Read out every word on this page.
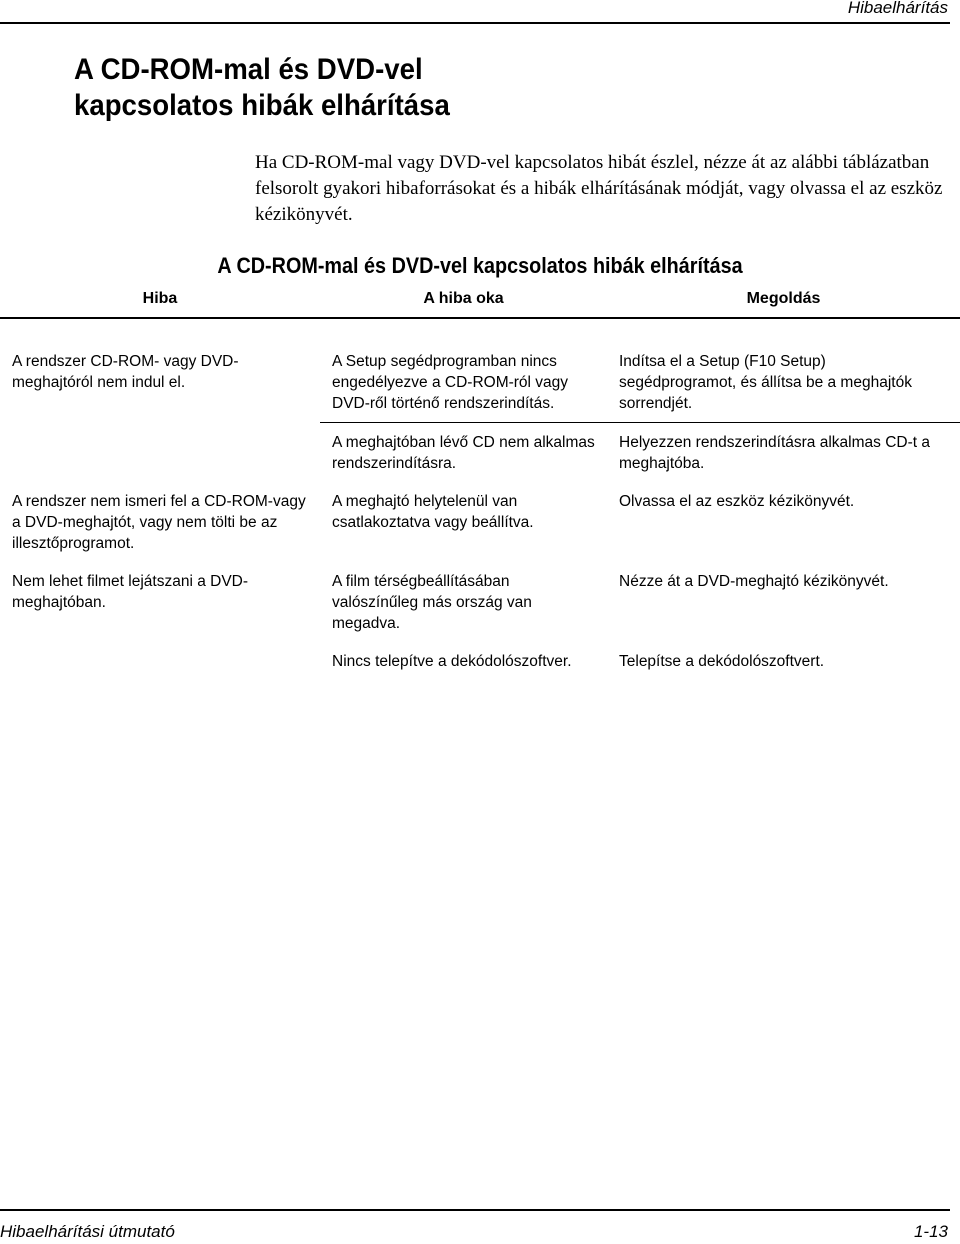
Hibaelhárítás
A CD-ROM-mal és DVD-vel
kapcsolatos hibák elhárítása

Ha CD-ROM-mal vagy DVD-vel kapcsolatos hibát észlel, nézze át az alábbi táblázatban felsorolt gyakori hibaforrásokat és a hibák elhárításának módját, vagy olvassa el az eszköz kézikönyvét.

A CD-ROM-mal és DVD-vel kapcsolatos hibák elhárítása
Hiba	A hiba oka	Megoldás
A rendszer CD-ROM- vagy DVD-meghajtóról nem indul el.	A Setup segédprogramban nincs engedélyezve a CD-ROM-ról vagy DVD-ről történő rendszerindítás.	Indítsa el a Setup (F10 Setup) segédprogramot, és állítsa be a meghajtók sorrendjét.
	A meghajtóban lévő CD nem alkalmas rendszerindításra.	Helyezzen rendszerindításra alkalmas CD-t a meghajtóba.
A rendszer nem ismeri fel a CD-ROM-vagy a DVD-meghajtót, vagy nem tölti be az illesztőprogramot.	A meghajtó helytelenül van csatlakoztatva vagy beállítva.	Olvassa el az eszköz kézikönyvét.
Nem lehet filmet lejátszani a DVD-meghajtóban.	A film térségbeállításában valószínűleg más ország van megadva.	Nézze át a DVD-meghajtó kézikönyvét.
	Nincs telepítve a dekódolószoftver.	Telepítse a dekódolószoftvert.
Hibaelhárítási útmutató	1-13
